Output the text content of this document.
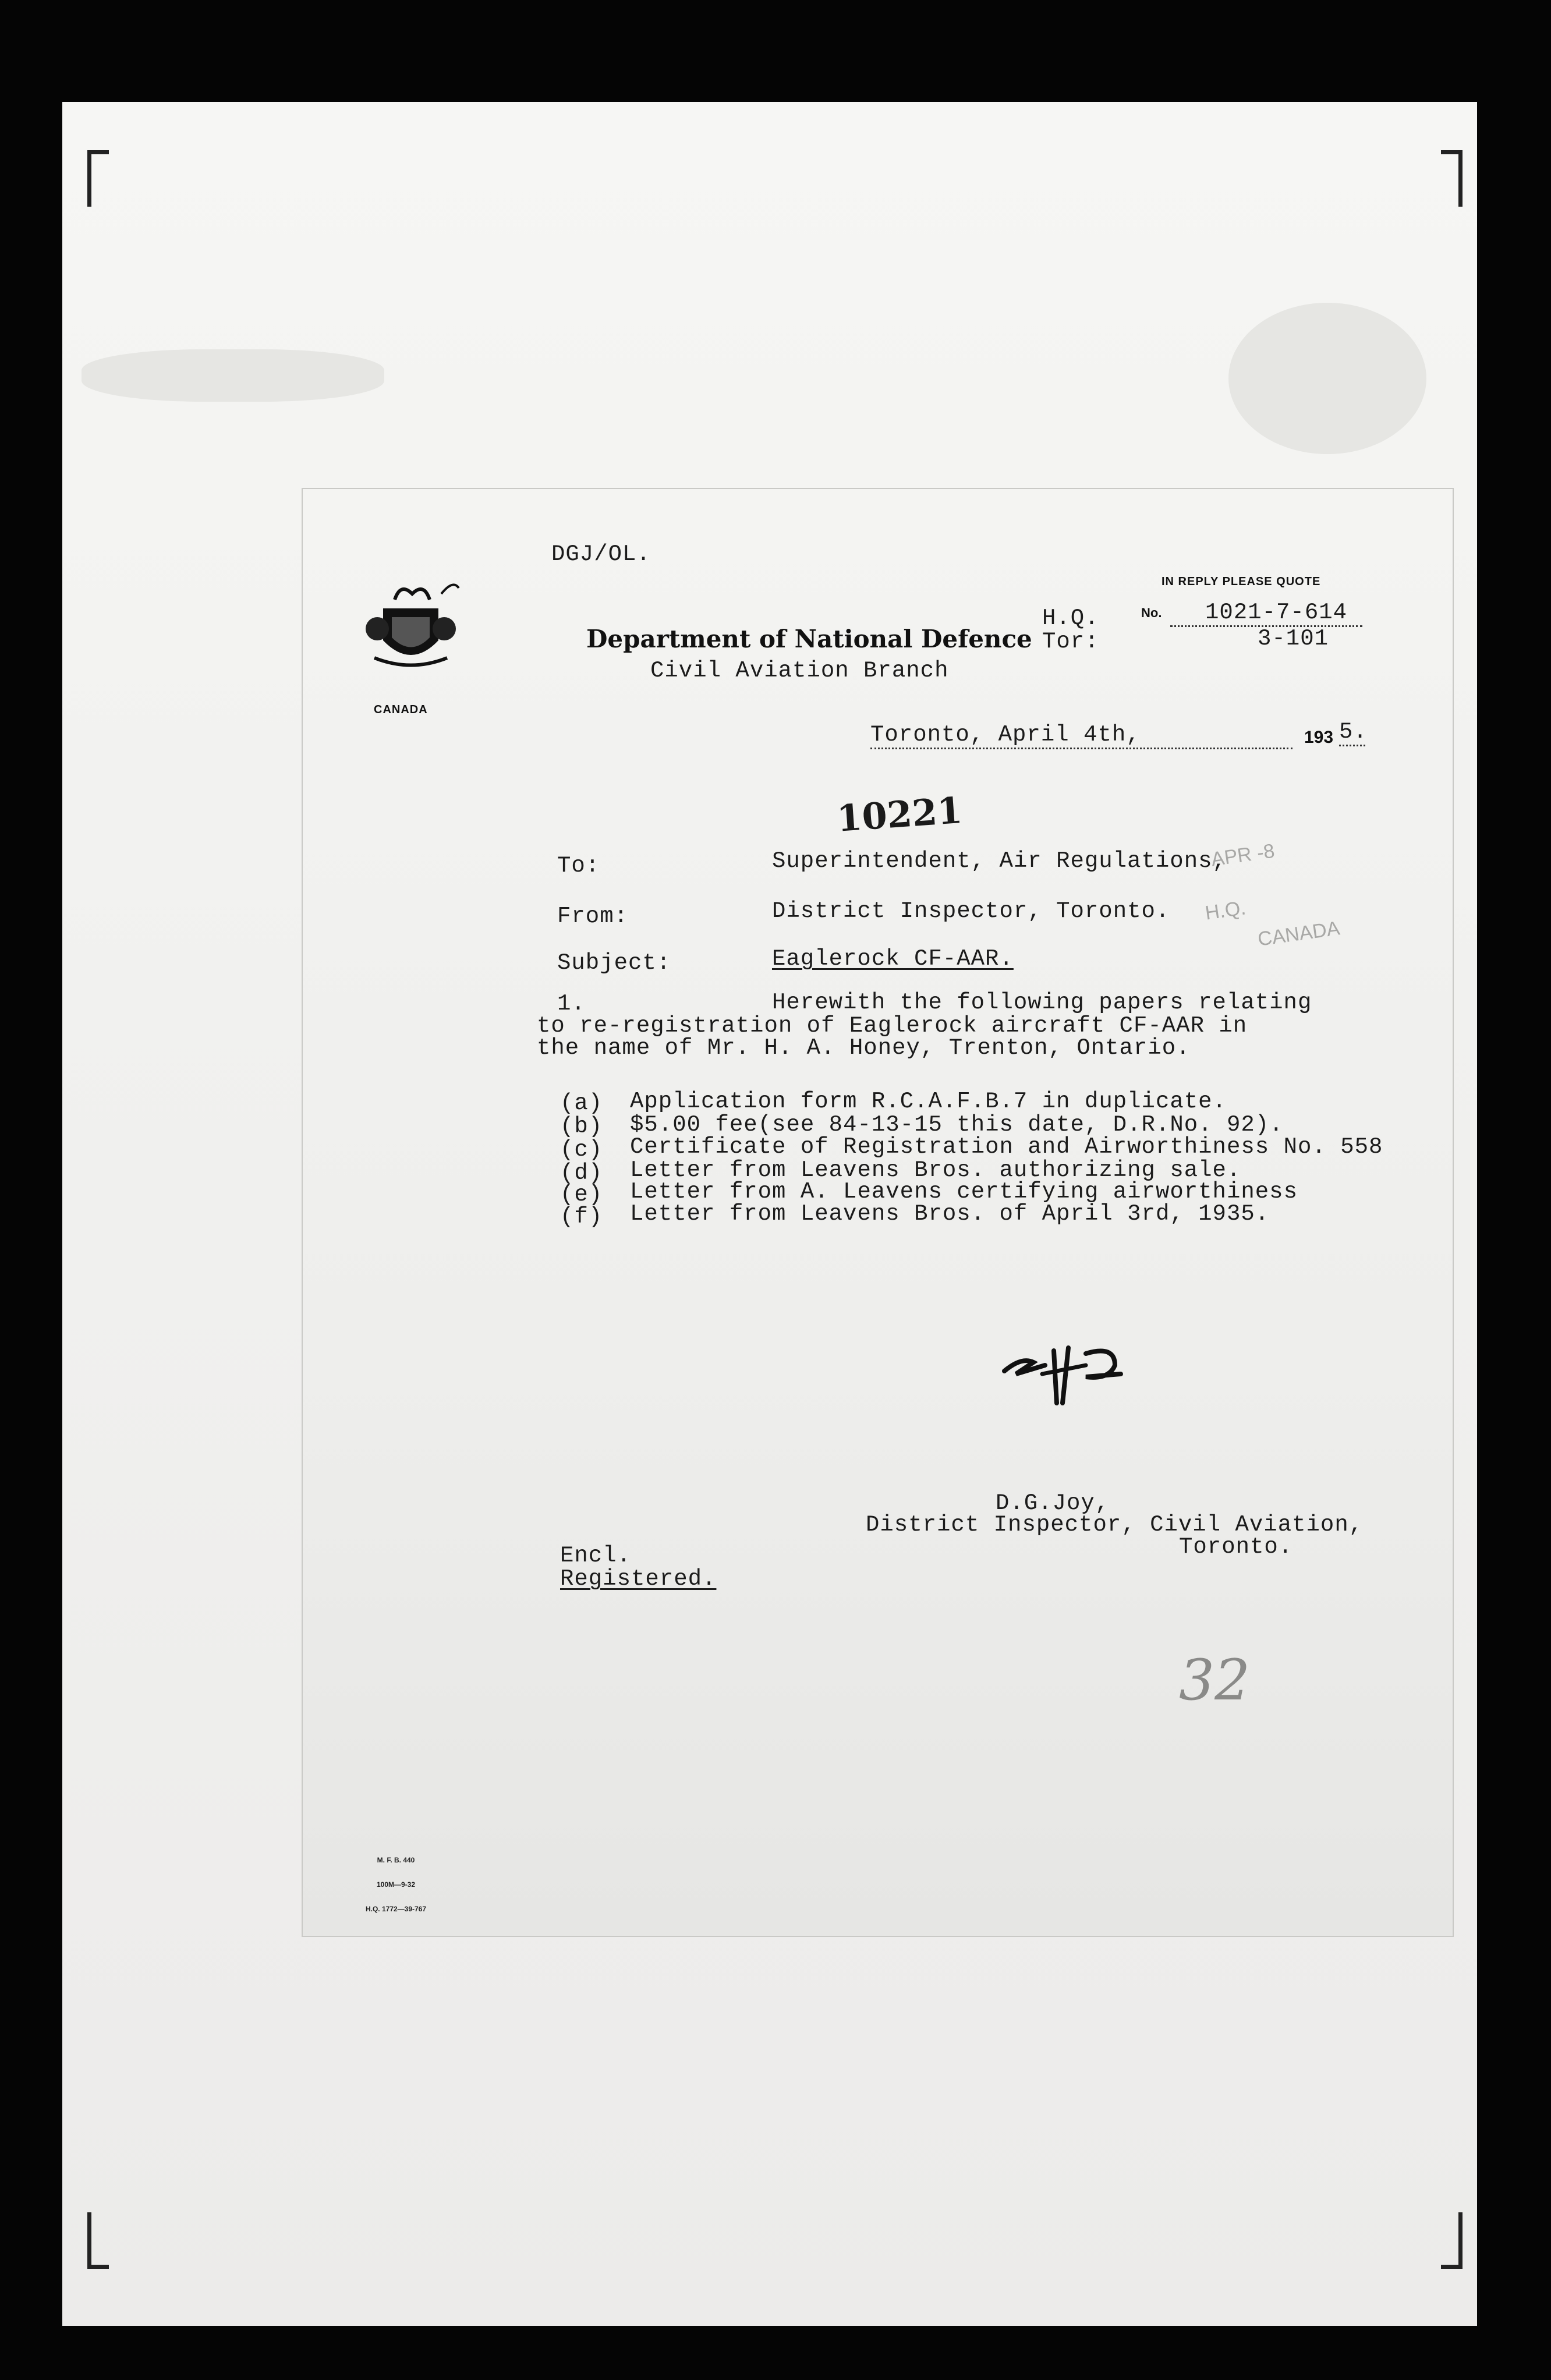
DGJ/OL.
CANADA
Department of National Defence
Civil Aviation Branch
IN REPLY PLEASE QUOTE
H.Q.
Tor:
No.	1021-7-614
3-101
Toronto, April 4th,	193 5.
10221
APR -8
H.Q.
CANADA
To:	Superintendent, Air Regulations,
From:	District Inspector, Toronto.
Subject:	Eaglerock CF-AAR.
1.	Herewith the following papers relating
to re-registration of Eaglerock aircraft CF-AAR in
the name of Mr. H. A. Honey, Trenton, Ontario.
(a) Application form R.C.A.F.B.7 in duplicate.
(b) $5.00 fee(see 84-13-15 this date, D.R.No. 92).
(c) Certificate of Registration and Airworthiness No. 558
(d) Letter from Leavens Bros. authorizing sale.
(e) Letter from A. Leavens certifying airworthiness
(f) Letter from Leavens Bros. of April 3rd, 1935.
D.G.Joy,
District Inspector, Civil Aviation,
Toronto.
Encl.
Registered.
32

M. F. B. 440

100M—9-32

H.Q. 1772—39-767
